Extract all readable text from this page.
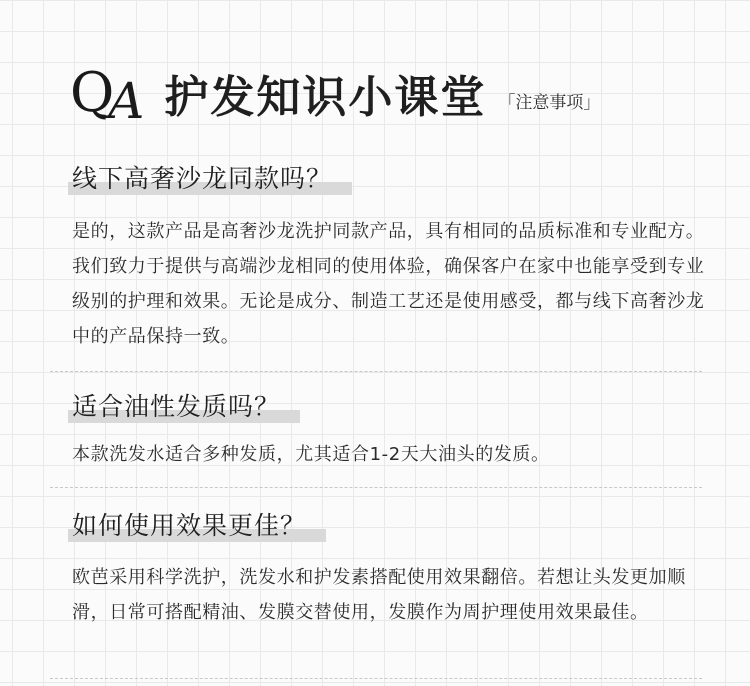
Q A 护发知识小课堂 「 注意事项 」
线下高奢沙龙同款吗？
是的，这款产品是高奢沙龙洗护同款产品，具有相同的品质标准和专业配方。我们致力于提供与高端沙龙相同的使用体验，确保客户在家中也能享受到专业级别的护理和效果。无论是成分、制造工艺还是使用感受，都与线下高奢沙龙中的产品保持一致。
适合油性发质吗？
本款洗发水适合多种发质，尤其适合1-2天大油头的发质。
如何使用效果更佳？
欧芭采用科学洗护，洗发水和护发素搭配使用效果翻倍。若想让头发更加顺滑，日常可搭配精油、发膜交替使用，发膜作为周护理使用效果最佳。
